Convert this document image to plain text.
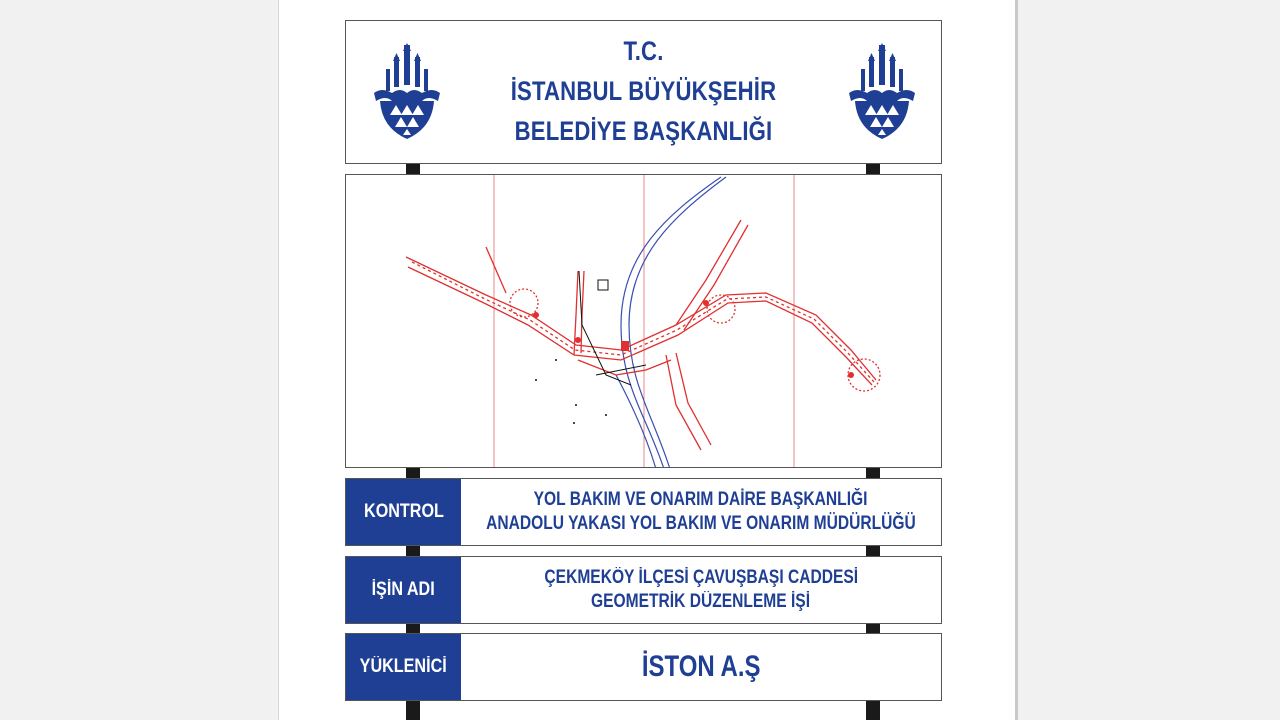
T.C.
İSTANBUL BÜYÜKŞEHİR
BELEDİYE BAŞKANLIĞI
KONTROL
YOL BAKIM VE ONARIM DAİRE BAŞKANLIĞI
ANADOLU YAKASI YOL BAKIM VE ONARIM MÜDÜRLÜĞÜ
İŞİN ADI
ÇEKMEKÖY İLÇESİ ÇAVUŞBAŞI CADDESİ
GEOMETRİK DÜZENLEME İŞİ
YÜKLENİCİ	İSTON A.Ş
